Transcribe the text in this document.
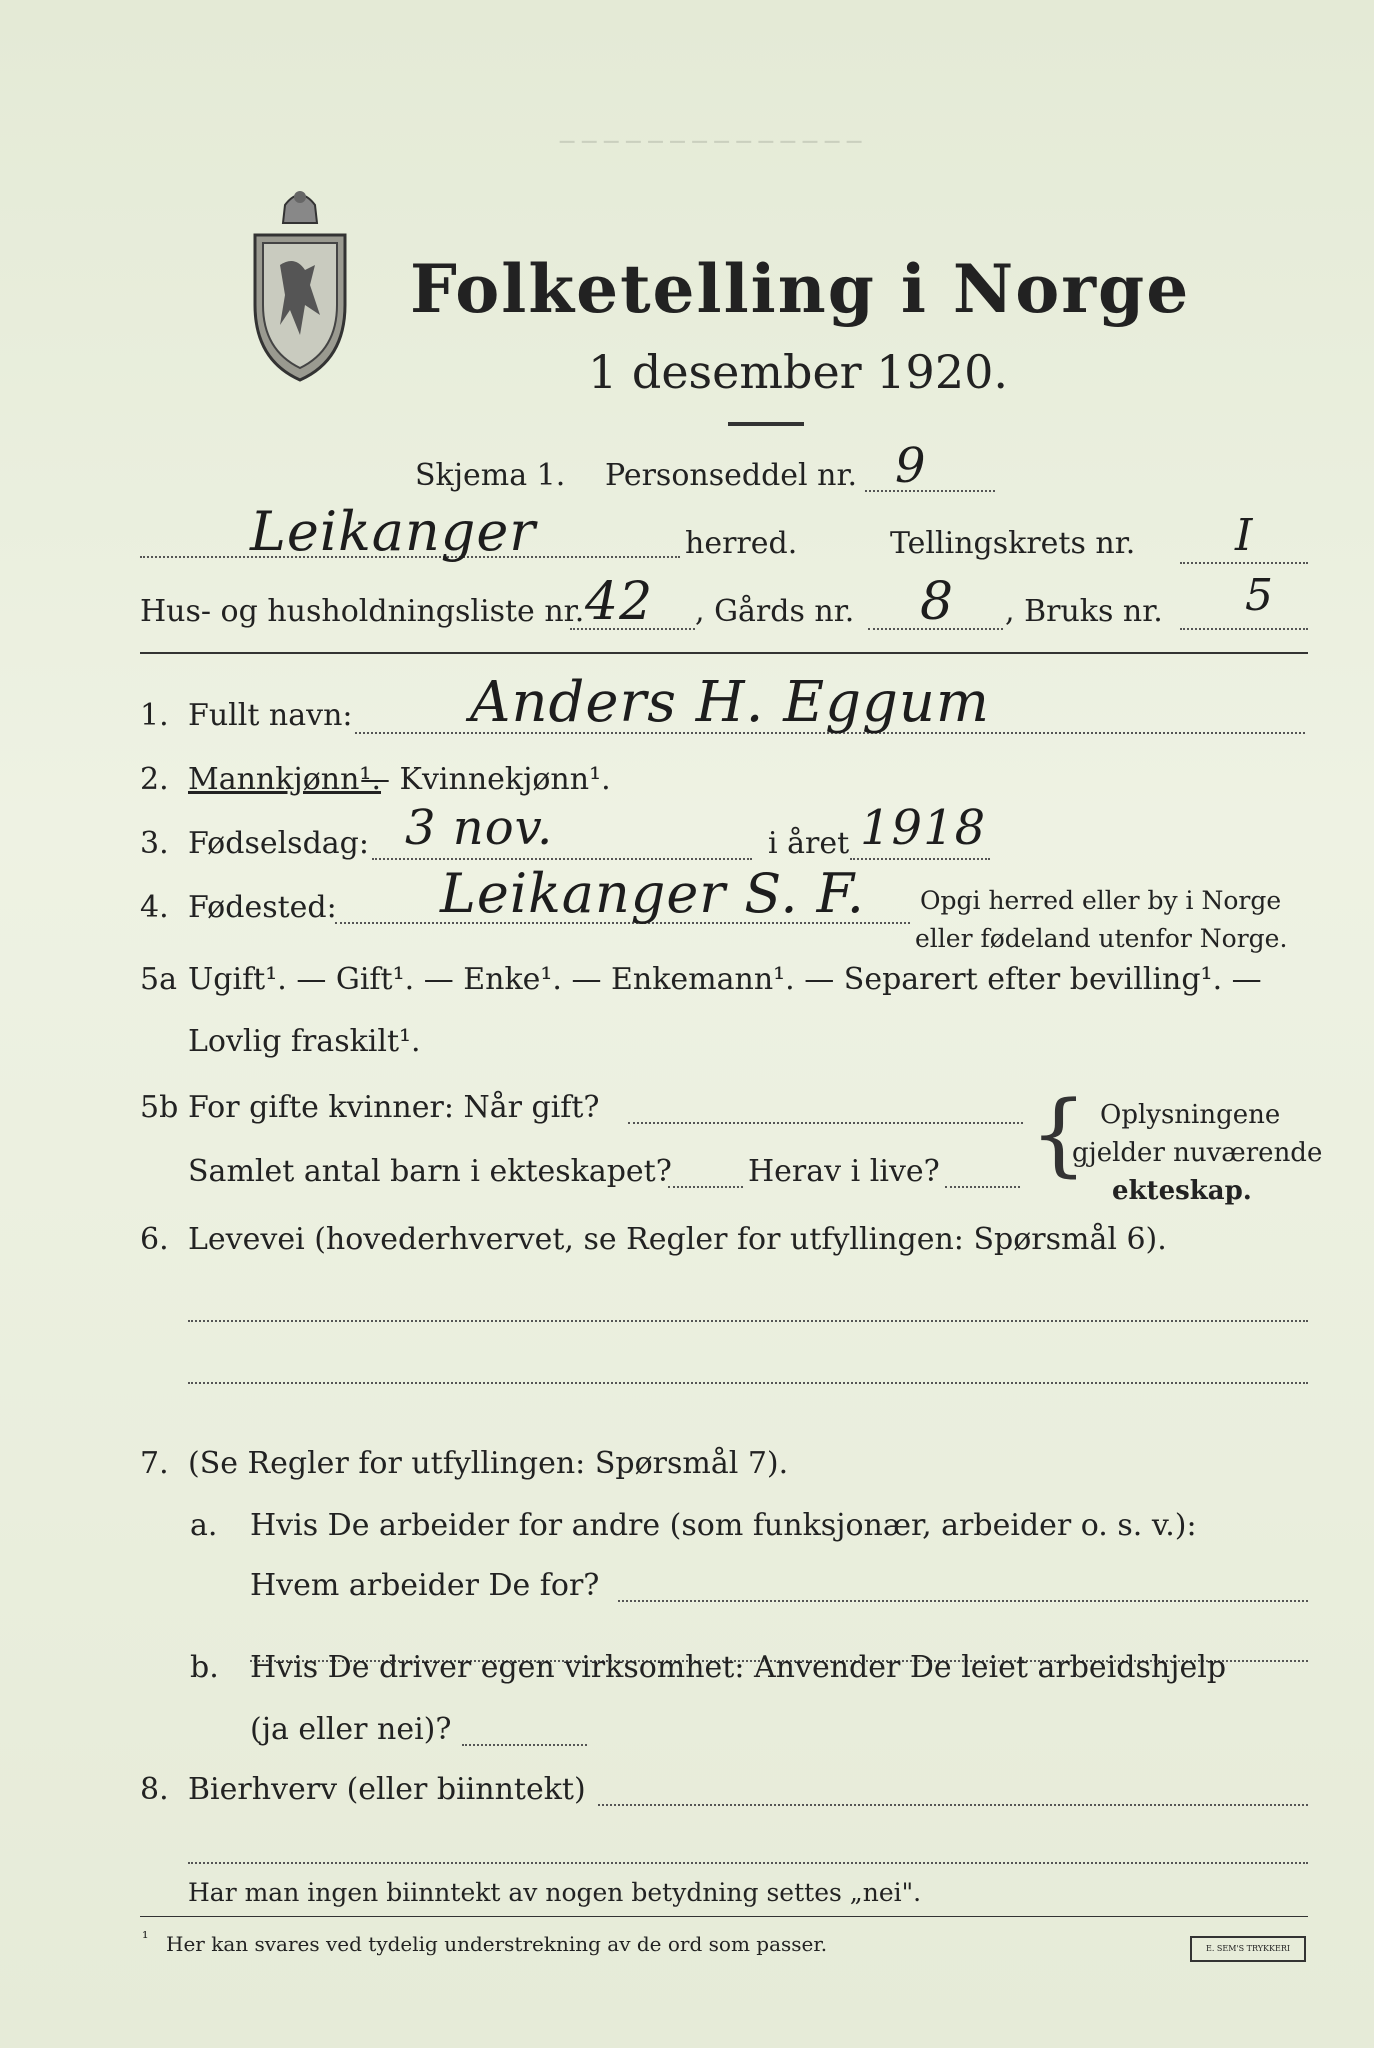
─ ─ ─ ─ ─ ─ ─ ─ ─ ─ ─ ─ ─ ─
Folketelling i Norge
1 desember 1920.
Skjema 1. Personseddel nr. 9
Leikanger	herred.	Tellingskrets nr. I
Hus- og husholdningsliste nr. 42 , Gårds nr. 8 , Bruks nr. 5
1. Fullt navn: Anders H. Eggum
2. Mannkjønn¹.
— Kvinnekjønn¹.
3. Fødselsdag: 3 nov.	i året 1918
4. Fødested: Leikanger S. F. Opgi herred eller by i Norge
eller fødeland utenfor Norge.
5a Ugift¹. — Gift¹. — Enke¹. — Enkemann¹. — Separert efter bevilling¹. —
Lovlig fraskilt¹.
5b For gifte kvinner: Når gift?
Samlet antal barn i ekteskapet?	Herav i live? { Oplysningene
gjelder nuværende
ekteskap.
6. Levevei (hovederhvervet, se Regler for utfyllingen: Spørsmål 6).
7. (Se Regler for utfyllingen: Spørsmål 7).
a. Hvis De arbeider for andre (som funksjonær, arbeider o. s. v.):
Hvem arbeider De for?
b. Hvis De driver egen virksomhet: Anvender De leiet arbeidshjelp
(ja eller nei)?
8. Bierhverv (eller biinntekt)
Har man ingen biinntekt av nogen betydning settes „nei".
¹ Her kan svares ved tydelig understrekning av de ord som passer.	E. SEM'S TRYKKERI
